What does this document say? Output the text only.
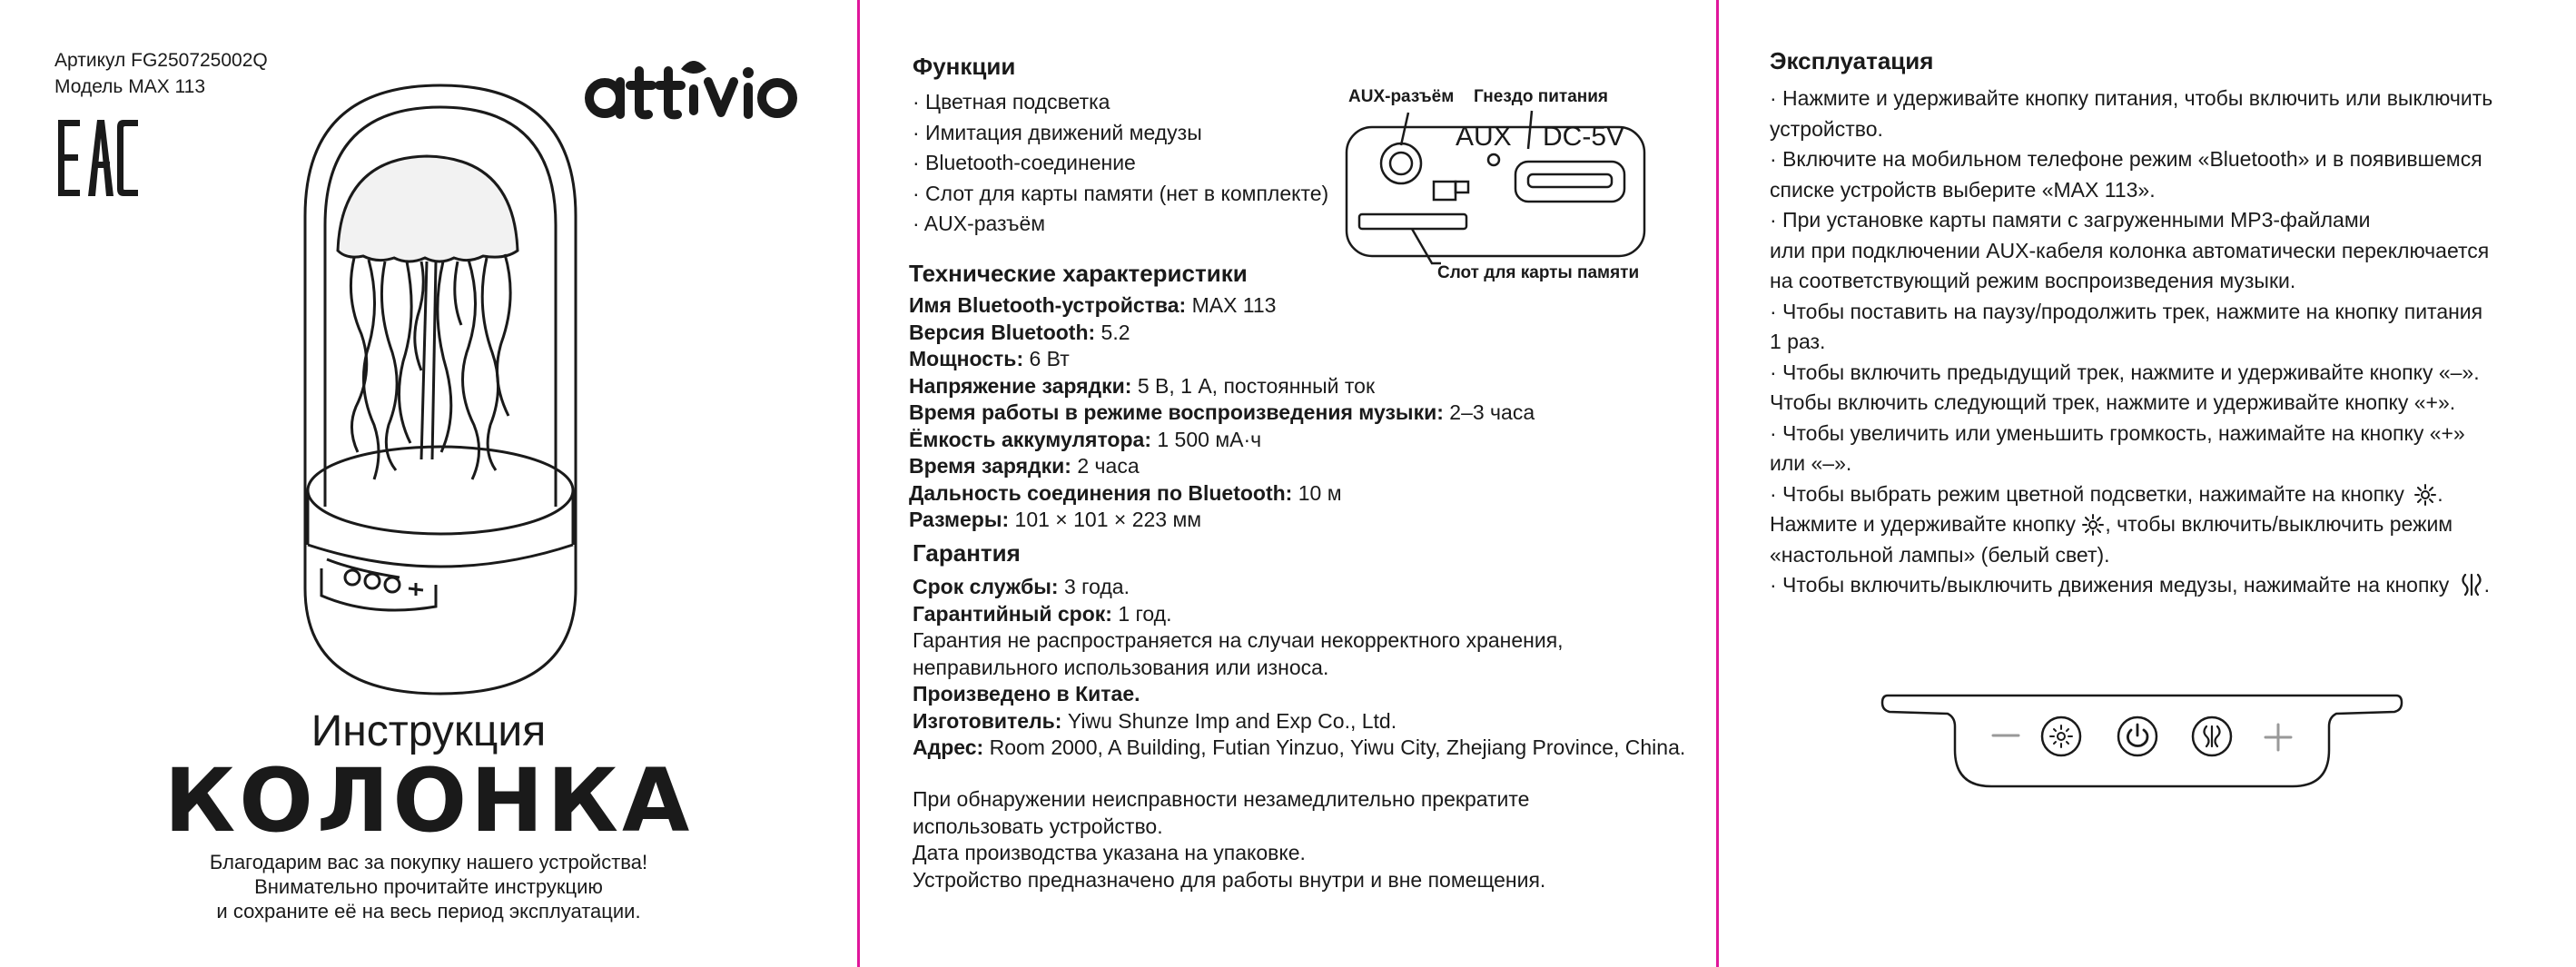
Артикул FG250725002Q
Модель MAX 113
Инструкция
КОЛОНКА
Благодарим вас за покупку нашего устройства!
Внимательно прочитайте инструкцию
и сохраните её на весь период эксплуатации.
Функции
· Цветная подсветка
· Имитация движений медузы
· Bluetooth-соединение
· Слот для карты памяти (нет в комплекте)
· AUX-разъём
AUX-разъём Гнездо питания
Слот для карты памяти
AUX DC-5V
Технические характеристики
Имя Bluetooth-устройства: MAX 113
Версия Bluetooth: 5.2
Мощность: 6 Вт
Напряжение зарядки: 5 В, 1 А, постоянный ток
Время работы в режиме воспроизведения музыки: 2–3 часа
Ёмкость аккумулятора: 1 500 мА·ч
Время зарядки: 2 часа
Дальность соединения по Bluetooth: 10 м
Размеры: 101 × 101 × 223 мм
Гарантия
Срок службы: 3 года.
Гарантийный срок: 1 год.
Гарантия не распространяется на случаи некорректного хранения,
неправильного использования или износа.
Произведено в Китае.
Изготовитель: Yiwu Shunze Imp and Exp Co., Ltd.
Адрес: Room 2000, A Building, Futian Yinzuo, Yiwu City, Zhejiang Province, China.
При обнаружении неисправности незамедлительно прекратите
использовать устройство.
Дата производства указана на упаковке.
Устройство предназначено для работы внутри и вне помещения.
Эксплуатация
· Нажмите и удерживайте кнопку питания, чтобы включить или выключить
устройство.
· Включите на мобильном телефоне режим «Bluetooth» и в появившемся
списке устройств выберите «MAX 113».
· При установке карты памяти с загруженными MP3-файлами
или при подключении AUX-кабеля колонка автоматически переключается
на соответствующий режим воспроизведения музыки.
· Чтобы поставить на паузу/продолжить трек, нажмите на кнопку питания
1 раз.
· Чтобы включить предыдущий трек, нажмите и удерживайте кнопку «–».
Чтобы включить следующий трек, нажмите и удерживайте кнопку «+».
· Чтобы увеличить или уменьшить громкость, нажимайте на кнопку «+»
или «–».
· Чтобы выбрать режим цветной подсветки, нажимайте на кнопку .
Нажмите и удерживайте кнопку , чтобы включить/выключить режим
«настольной лампы» (белый свет).
· Чтобы включить/выключить движения медузы, нажимайте на кнопку .
